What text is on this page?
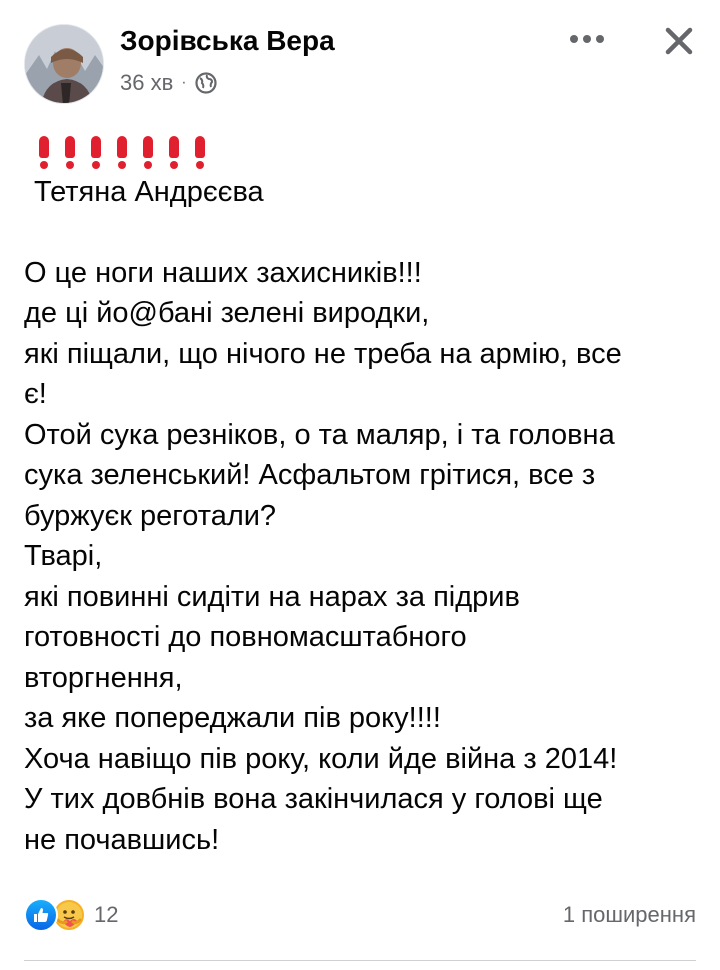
Зорівська Вера
36 хв ·
Тетяна Андрєєва
О це ноги наших захисників!!!
де ці йо@бані зелені виродки,
які піщали, що нічого не треба на армію, все
є!
Отой сука резніков, о та маляр, і та головна
сука зеленський! Асфальтом грітися, все з
буржуєк реготали?
Тварі,
які повинні сидіти на нарах за підрив
готовності до повномасштабного
вторгнення,
за яке попереджали пів року!!!!
Хоча навіщо пів року, коли йде війна з 2014!
У тих довбнів вона закінчилася у голові ще
не почавшись!
12	1 поширення
